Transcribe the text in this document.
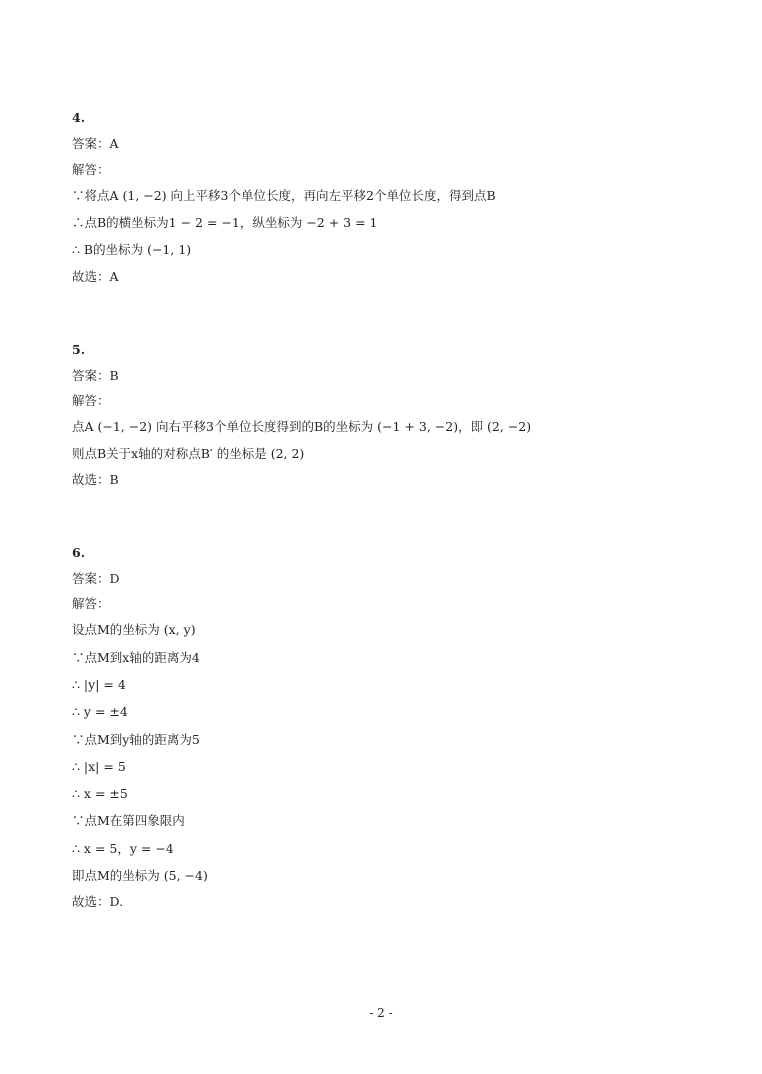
4.
答案：A
解答：
∵将点A (1, −2) 向上平移3个单位长度，再向左平移2个单位长度，得到点B
∴点B的横坐标为1 − 2 = −1，纵坐标为 −2 + 3 = 1
∴ B的坐标为 (−1, 1)
故选：A
5.
答案：B
解答：
点A (−1, −2) 向右平移3个单位长度得到的B的坐标为 (−1 + 3, −2)，即 (2, −2)
则点B关于x轴的对称点B′ 的坐标是 (2, 2)
故选：B
6.
答案：D
解答：
设点M的坐标为 (x, y)
∵点M到x轴的距离为4
∴ |y| = 4
∴ y = ±4
∵点M到y轴的距离为5
∴ |x| = 5
∴ x = ±5
∵点M在第四象限内
∴ x = 5，y = −4
即点M的坐标为 (5, −4)
故选：D.
- 2 -
